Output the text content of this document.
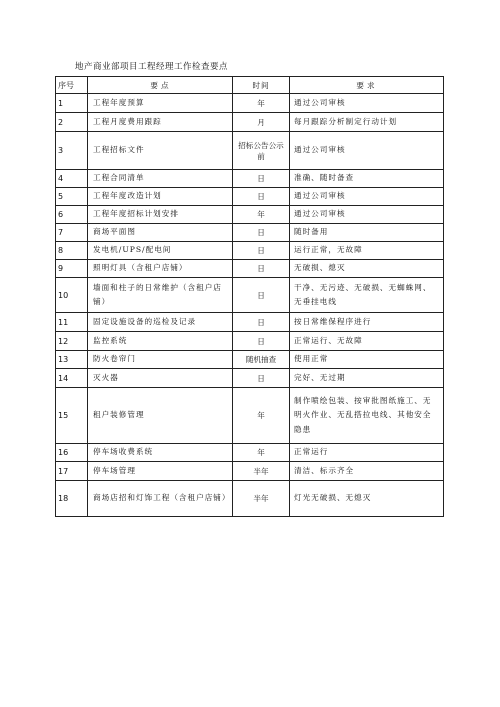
地产商业部项目工程经理工作检查要点
序号	要点	时间	要求
1	工程年度预算	年	通过公司审核
2	工程月度费用跟踪	月	每月跟踪分析制定行动计划
3	工程招标文件	招标公告公示前	通过公司审核
4	工程合同清单	日	准确、随时备查
5	工程年度改造计划	日	通过公司审核
6	工程年度招标计划安排	年	通过公司审核
7	商场平面图	日	随时备用
8	发电机/UPS/配电间	日	运行正常，无故障
9	照明灯具（含租户店铺）	日	无破损、熄灭
10	墙面和柱子的日常维护（含租户店铺）	日	干净、无污迹、无破损、无蜘蛛网、无垂挂电线
11	固定设施设备的巡检及记录	日	按日常维保程序进行
12	监控系统	日	正常运行、无故障
13	防火卷帘门	随机抽查	使用正常
14	灭火器	日	完好、无过期
15	租户装修管理	年	制作喷绘包装、按审批图纸施工、无明火作业、无乱搭拉电线、其他安全隐患
16	停车场收费系统	年	正常运行
17	停车场管理	半年	清洁、标示齐全
18	商场店招和灯饰工程（含租户店铺）	半年	灯光无破损、无熄灭
